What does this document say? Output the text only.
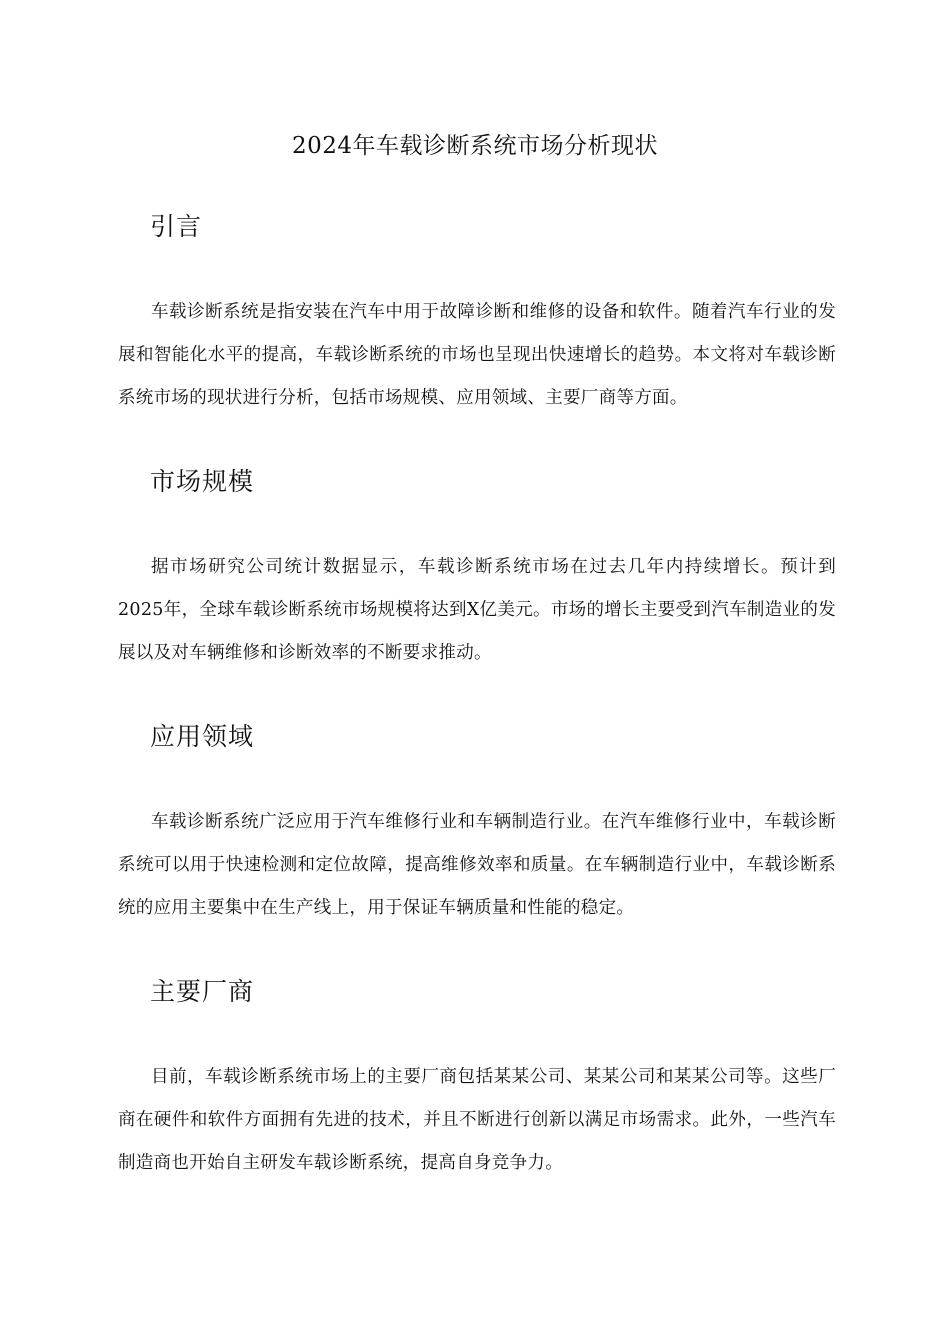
2024年车载诊断系统市场分析现状
引言

车载诊断系统是指安装在汽车中用于故障诊断和维修的设备和软件。随着汽车行业的发展和智能化水平的提高，车载诊断系统的市场也呈现出快速增长的趋势。本文将对车载诊断系统市场的现状进行分析，包括市场规模、应用领域、主要厂商等方面。

市场规模

据市场研究公司统计数据显示，车载诊断系统市场在过去几年内持续增长。预计到2025年，全球车载诊断系统市场规模将达到X亿美元。市场的增长主要受到汽车制造业的发展以及对车辆维修和诊断效率的不断要求推动。

应用领域

车载诊断系统广泛应用于汽车维修行业和车辆制造行业。在汽车维修行业中，车载诊断系统可以用于快速检测和定位故障，提高维修效率和质量。在车辆制造行业中，车载诊断系统的应用主要集中在生产线上，用于保证车辆质量和性能的稳定。

主要厂商

目前，车载诊断系统市场上的主要厂商包括某某公司、某某公司和某某公司等。这些厂商在硬件和软件方面拥有先进的技术，并且不断进行创新以满足市场需求。此外，一些汽车制造商也开始自主研发车载诊断系统，提高自身竞争力。
